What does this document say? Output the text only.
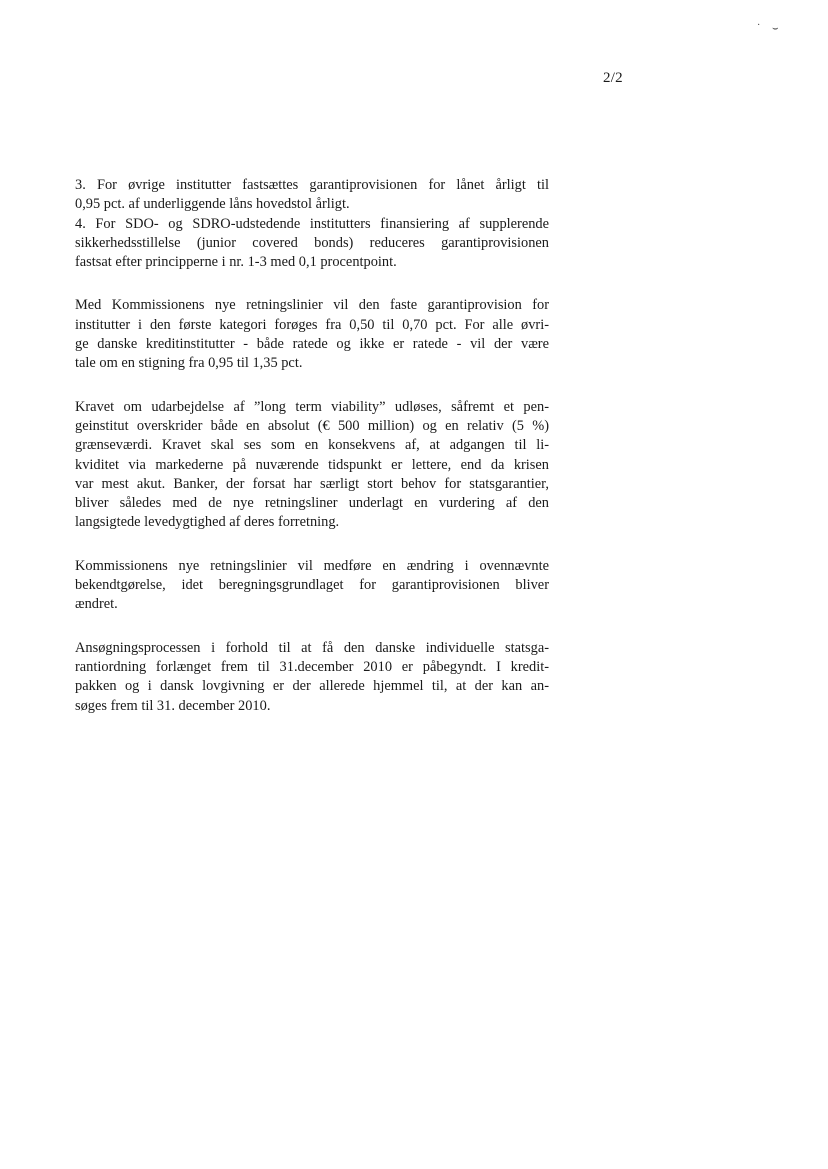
· ⌣
2/2

3. For øvrige institutter fastsættes garantiprovisionen for lånet årligt til
0,95 pct. af underliggende låns hovedstol årligt.
4. For SDO- og SDRO-udstedende institutters finansiering af supplerende
sikkerhedsstillelse (junior covered bonds) reduceres garantiprovisionen
fastsat efter principperne i nr. 1-3 med 0,1 procentpoint.

Med Kommissionens nye retningslinier vil den faste garantiprovision for
institutter i den første kategori forøges fra 0,50 til 0,70 pct. For alle øvri-
ge danske kreditinstitutter - både ratede og ikke er ratede - vil der være
tale om en stigning fra 0,95 til 1,35 pct.

Kravet om udarbejdelse af ”long term viability” udløses, såfremt et pen-
geinstitut overskrider både en absolut (€ 500 million) og en relativ (5 %)
grænseværdi. Kravet skal ses som en konsekvens af, at adgangen til li-
kviditet via markederne på nuværende tidspunkt er lettere, end da krisen
var mest akut. Banker, der forsat har særligt stort behov for statsgarantier,
bliver således med de nye retningsliner underlagt en vurdering af den
langsigtede levedygtighed af deres forretning.

Kommissionens nye retningslinier vil medføre en ændring i ovennævnte
bekendtgørelse, idet beregningsgrundlaget for garantiprovisionen bliver
ændret.

Ansøgningsprocessen i forhold til at få den danske individuelle statsga-
rantiordning forlænget frem til 31.december 2010 er påbegyndt. I kredit-
pakken og i dansk lovgivning er der allerede hjemmel til, at der kan an-
søges frem til 31. december 2010.
